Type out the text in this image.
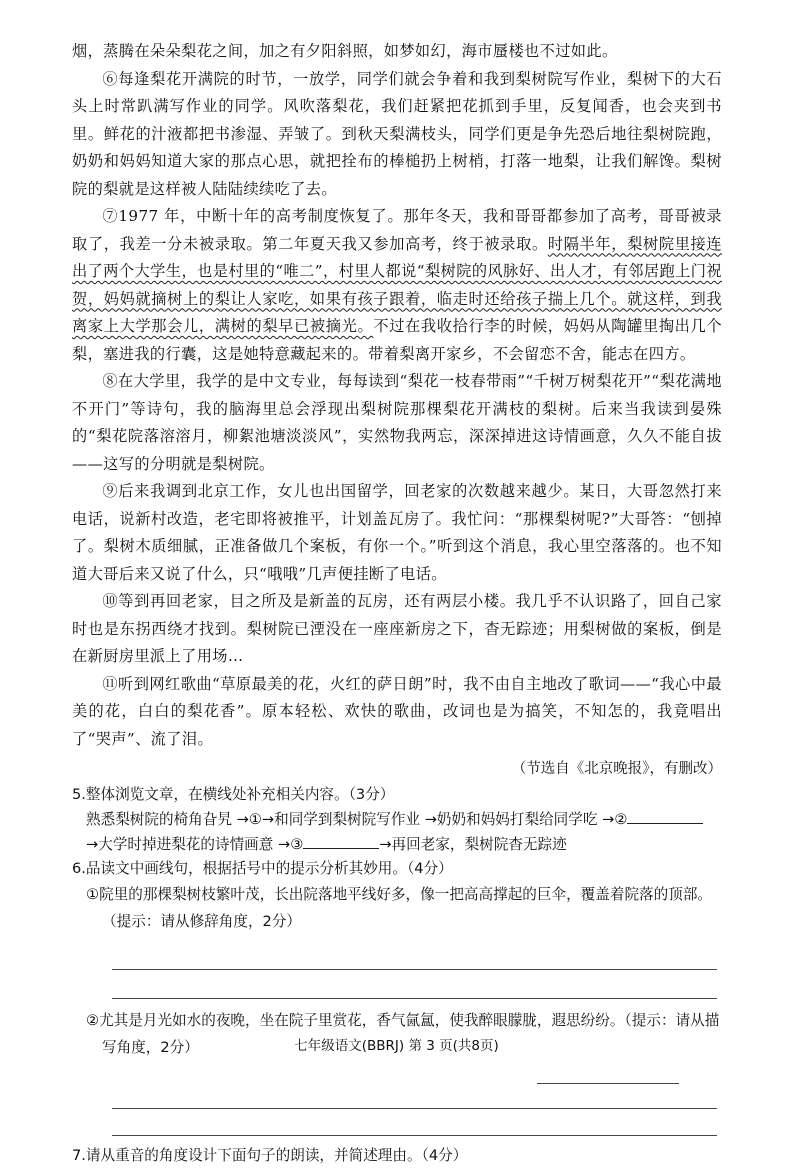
烟，蒸腾在朵朵梨花之间，加之有夕阳斜照，如梦如幻，海市蜃楼也不过如此。

⑥每逢梨花开满院的时节，一放学，同学们就会争着和我到梨树院写作业，梨树下的大石头上时常趴满写作业的同学。风吹落梨花，我们赶紧把花抓到手里，反复闻香，也会夹到书里。鲜花的汁液都把书渗湿、弄皱了。到秋天梨满枝头，同学们更是争先恐后地往梨树院跑，奶奶和妈妈知道大家的那点心思，就把拴布的棒槌扔上树梢，打落一地梨，让我们解馋。梨树院的梨就是这样被人陆陆续续吃了去。

⑦1977 年，中断十年的高考制度恢复了。那年冬天，我和哥哥都参加了高考，哥哥被录取了，我差一分未被录取。第二年夏天我又参加高考，终于被录取。时隔半年，梨树院里接连出了两个大学生，也是村里的“唯二”，村里人都说“梨树院的风脉好、出人才，有邻居跑上门祝贺，妈妈就摘树上的梨让人家吃，如果有孩子跟着，临走时还给孩子揣上几个。就这样，到我离家上大学那会儿，满树的梨早已被摘光。不过在我收拾行李的时候，妈妈从陶罐里掏出几个梨，塞进我的行囊，这是她特意藏起来的。带着梨离开家乡，不会留恋不舍，能志在四方。

⑧在大学里，我学的是中文专业，每每读到“梨花一枝春带雨”“千树万树梨花开”“梨花满地不开门”等诗句，我的脑海里总会浮现出梨树院那棵梨花开满枝的梨树。后来当我读到晏殊的“梨花院落溶溶月，柳絮池塘淡淡风”，实然物我两忘，深深掉进这诗情画意，久久不能自拔——这写的分明就是梨树院。

⑨后来我调到北京工作，女儿也出国留学，回老家的次数越来越少。某日，大哥忽然打来电话，说新村改造，老宅即将被推平，计划盖瓦房了。我忙问：“那棵梨树呢?”大哥答：“刨掉了。梨树木质细腻，正准备做几个案板，有你一个。”听到这个消息，我心里空落落的。也不知道大哥后来又说了什么，只“哦哦”几声便挂断了电话。

⑩等到再回老家，目之所及是新盖的瓦房，还有两层小楼。我几乎不认识路了，回自己家时也是东拐西绕才找到。梨树院已湮没在一座座新房之下，杳无踪迹；用梨树做的案板，倒是在新厨房里派上了用场…

⑪听到网红歌曲“草原最美的花，火红的萨日朗”时，我不由自主地改了歌词——“我心中最美的花，白白的梨花香”。原本轻松、欢快的歌曲，改词也是为搞笑，不知怎的，我竟唱出了“哭声”、流了泪。

（节选自《北京晚报》，有删改）

5.整体浏览文章，在横线处补充相关内容。（3分）
熟悉梨树院的椅角旮旯 →①→和同学到梨树院写作业 →奶奶和妈妈打梨给同学吃 →②
→大学时掉进梨花的诗情画意 →③	→再回老家，梨树院杳无踪迹
6.品读文中画线句，根据括号中的提示分析其妙用。（4分）
①院里的那棵梨树枝繁叶茂，长出院落地平线好多，像一把高高撑起的巨伞，覆盖着院落的顶部。（提示：请从修辞角度，2分）
②尤其是月光如水的夜晚，坐在院子里赏花，香气氤氲，使我醉眼朦胧，遐思纷纷。（提示：请从描写角度，2分）
7.请从重音的角度设计下面句子的朗读，并简述理由。（4分）
七年级语文(BBRJ) 第 3 页(共8页)
